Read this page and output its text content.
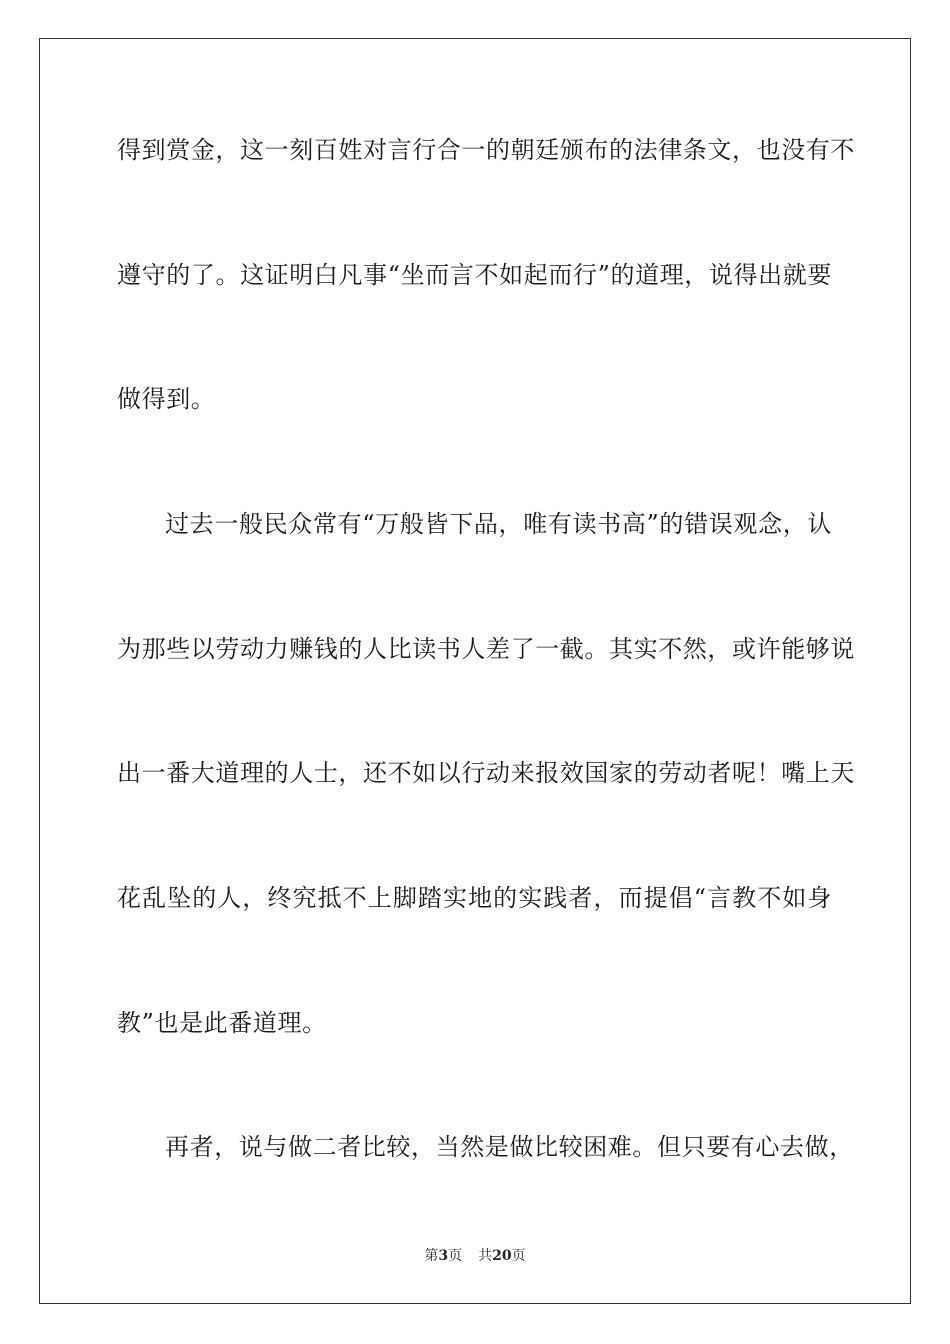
得到赏金，这一刻百姓对言行合一的朝廷颁布的法律条文，也没有不
遵守的了。这证明白凡事“坐而言不如起而行”的道理，说得出就要
做得到。
过去一般民众常有“万般皆下品，唯有读书高”的错误观念，认
为那些以劳动力赚钱的人比读书人差了一截。其实不然，或许能够说
出一番大道理的人士，还不如以行动来报效国家的劳动者呢！嘴上天
花乱坠的人，终究抵不上脚踏实地的实践者，而提倡“言教不如身
教”也是此番道理。
再者，说与做二者比较，当然是做比较困难。但只要有心去做，
第3页 共20页
